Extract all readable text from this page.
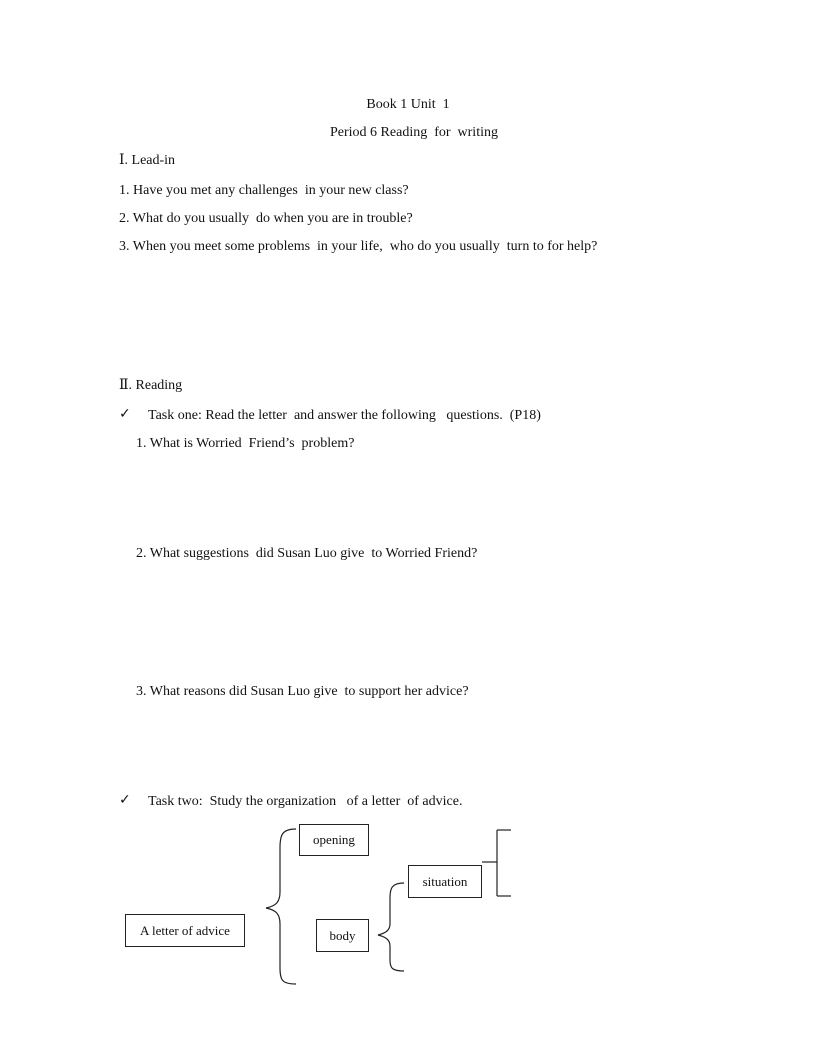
Book 1 Unit  1
Period 6 Reading  for  writing
Ⅰ. Lead-in
1. Have you met any challenges  in your new class?
2. What do you usually  do when you are in trouble?
3. When you meet some problems  in your life,  who do you usually  turn to for help?
Ⅱ. Reading
✓ Task one: Read the letter  and answer the following   questions.  (P18)
1. What is Worried  Friend’s  problem?
2. What suggestions  did Susan Luo give  to Worried Friend?
3. What reasons did Susan Luo give  to support her advice?
✓ Task two:  Study the organization   of a letter  of advice.
A letter of advice
opening
body
situation
